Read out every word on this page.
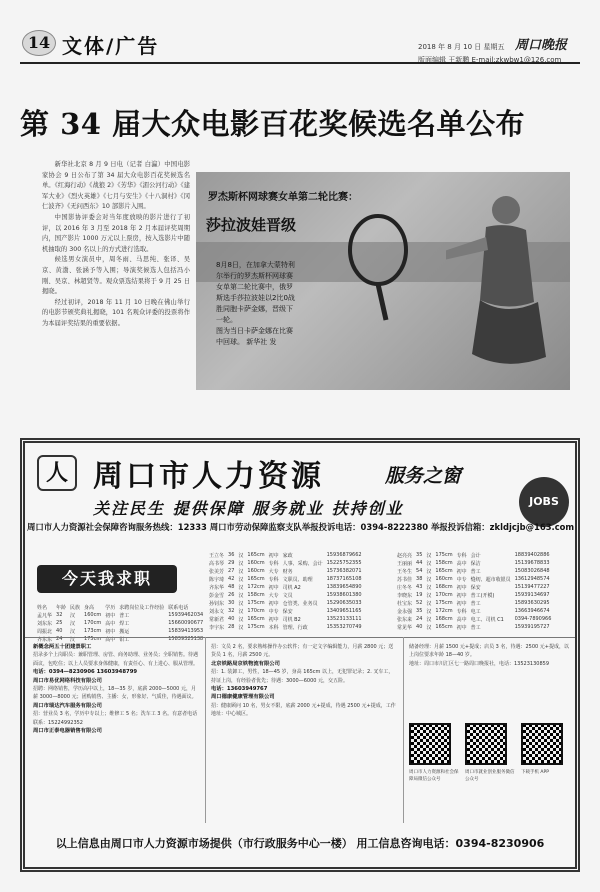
14 文体/广告	2018 年 8 月 10 日 星期五
版面编辑 王新鹏 E-mail:zkwbw1@126.com
周口晚报
第 34 届大众电影百花奖候选名单公布

新华社北京 8 月 9 日电（记者 白瀛）中国电影家协会 9 日公布了第 34 届大众电影百花奖候选名单。《红海行动》《战狼 2》《芳华》《湄公河行动》《建军大业》《烈火英雄》《七月与安生》《十八洞村》《冈仁波齐》《无问西东》10 部影片入围。

中国影协评委会对当年度放映的影片进行了初评，以 2016 年 3 月至 2018 年 2 月本届评奖周期内，国产影片 1000 万元以上票房，按入选影片中随机抽取的 300 名以上的方式进行选取。

候选男女演员中，周冬雨、马思纯、张译、吴京、黄渤、张涵予等入围；导演奖候选人包括冯小刚、吴京、林超贤等。观众票选结果将于 9 月 25 日揭晓。

经过初评，2018 年 11 月 10 日晚在佛山举行的电影节颁奖典礼揭晓，101 名观众评委的投票将作为本届评奖结果的重要依据。

罗杰斯杯网球赛女单第二轮比赛：
莎拉波娃晋级
8月8日，在加拿大蒙特利尔举行的罗杰斯杯网球赛女单第二轮比赛中，俄罗斯选手莎拉波娃以2比0战胜同胞卡萨金娜，晋级下一轮。
图为当日卡萨金娜在比赛中回球。 新华社 发
人 周口市人力资源	服务之窗
关注民生 提供保障 服务就业 扶持创业	JOBS
周口市人力资源社会保障咨询服务热线：12333 周口市劳动保障监察支队举报投诉电话：0394-8222380 举报投诉信箱：zkldjcjb@163.com
王立冬	36	汉	165cm	初中	家政	15936879662
高书琴	29	汉	160cm	专科	人事、采购、会计	15225752355
张美芳	27	汉	160cm	大专	财务	15736382071
陈宇琦	42	汉	165cm	专科	文职员、助理	18737165108
齐东华	48	汉	172cm	初中	司机 A2	13839654890
彭金雪	26	汉	158cm	大专	文员	15938601380
孙钊东	30	汉	175cm	初中	仓管类、业务员	15290635033
刘永文	32	汉	170cm	中专	保安	13409651165
常新君	40	汉	165cm	初中	司机 B2	13523133111
李宇东	28	汉	175cm	本科	管理、行政	15353270749
赵亮亮	35	汉	175cm	专科	会计	18839402886
王丽丽	44	汉	158cm	高中	保洁	15139678833
王冬生	54	汉	165cm	初中	普工	15083026848
苏书佳	38	汉	160cm	中专	缝纫、超市收银员	13612948574
庄冬冬	43	汉	168cm	初中	保安	15139477227
李晓东	19	汉	170cm	初中	普工(开模)	15939134697
杜宝东	52	汉	175cm	初中	普工	15893630295
金永强	35	汉	172cm	专科	电工	13663946674
张东来	24	汉	168cm	高中	电工、司机 C1	0394-7890966
常见华	40	汉	165cm	初中	普工	15939195727
今天我求职
姓名	年龄	民族	身高	学历	求聘岗位及工作经验	联系电话
孟凡华	32	汉	160cm	初中	普工	15939462034
刘东东	25	汉	170cm	高中	焊工	15660090677
周振北	40	汉	173cm	初中	搬运	15839413953
齐东东	24	汉	175cm	高中	钳工	15839325138
新概念两五十团建景职工
招录多个上岗职员：兼职管理、房管、商务助理、业务员；全职销售。待遇面议，包吃住；以上人员要求身体健康，有责任心、有上进心、服从管理。
电话：0394—8230906 13603948799
周口市易优网络科技有限公司
招聘：网络销售，学历高中以上，18—35 岁，底薪 2000—5000 元，月薪 3000—8000 元；团购销售、主播：女，形象好、气质佳，待遇面议。
周口市瑞达汽车服务有限公司
招：营业员 3 名，学历中专以上；维修工 5 名；洗车工 3 名。有意者电话联系：15224992352
周口市正泰电器销售有限公司
招：文员 2 名，要求熟练操作办公软件；有一定文字编辑能力，月薪 2800 元；送货员 1 名，月薪 2500 元。
北京铁路局京铁物流有限公司
招：1. 装卸工，男性，18—45 岁，身高 165cm 以上，无犯罪记录；2. 叉车工，持证上岗，有经验者优先；待遇：3000—6000 元，交五险。
电话：13603949767
周口德康健康管理有限公司
招：健康顾问 10 名，男女不限，底薪 2000 元+提成，待遇 2500 元+提成，工作地址：中心城区。
储备经理：月薪 1500 元+提成；店员 3 名，待遇：2500 元+提成，以上岗位要求年龄 18—40 岁。
地址：周口市川汇区七一路周口晚报社，电话：13523130859
周口市人力资源和社会保障局微信公众号
周口市就业创业服务微信公众号
下载手机 APP
以上信息由周口市人力资源市场提供（市行政服务中心一楼） 用工信息咨询电话：0394-8230906
